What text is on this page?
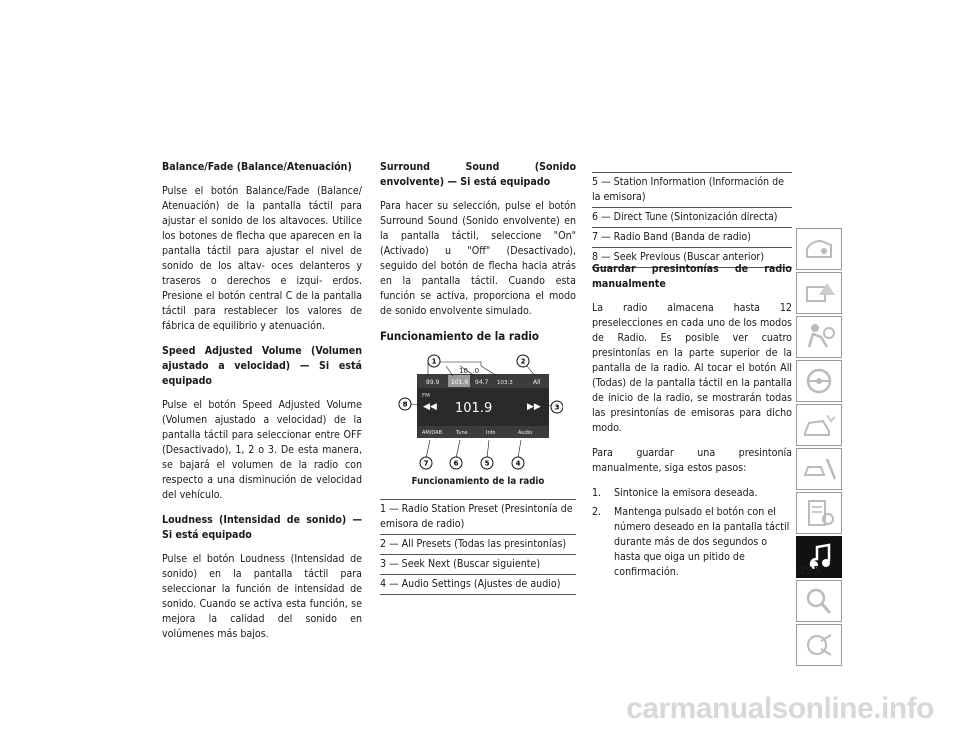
Balance/Fade (Balance/Atenuación)

Pulse el botón Balance/Fade (Balance/ Atenuación) de la pantalla táctil para ajustar el sonido de los altavoces. Utilice los botones de flecha que aparecen en la pantalla táctil para ajustar el nivel de sonido de los altav- oces delanteros y traseros o derechos e izqui- erdos. Presione el botón central C de la pantalla táctil para restablecer los valores de fábrica de equilibrio y atenuación.

Speed Adjusted Volume (Volumen ajustado a velocidad) — Si está equipado

Pulse el botón Speed Adjusted Volume (Volumen ajustado a velocidad) de la pantalla táctil para seleccionar entre OFF (Desactivado), 1, 2 o 3. De esta manera, se bajará el volumen de la radio con respecto a una disminución de velocidad del vehículo.

Loudness (Intensidad de sonido) — Si está equipado

Pulse el botón Loudness (Intensidad de sonido) en la pantalla táctil para seleccionar la función de intensidad de sonido. Cuando se activa esta función, se mejora la calidad del sonido en volúmenes más bajos.

Surround Sound (Sonido envolvente) — Si está equipado

Para hacer su selección, pulse el botón Surround Sound (Sonido envolvente) en la pantalla táctil, seleccione "On" (Activado) u "Off" (Desactivado), seguido del botón de flecha hacia atrás en la pantalla táctil. Cuando esta función se activa, proporciona el modo de sonido envolvente simulado.

Funcionamiento de la radio
89.9 101.9 94.7 103.3	All
10. .0
FM
101.9
◀◀	▶▶
AM/DAB	Tune	Info	Audio
1	2
3
4
5
6
7
8
Funcionamiento de la radio
1 — Radio Station Preset (Presintonía de emisora de radio)
2 — All Presets (Todas las presintonías)
3 — Seek Next (Buscar siguiente)
4 — Audio Settings (Ajustes de audio)
5 — Station Information (Información de la emisora)
6 — Direct Tune (Sintonización directa)
7 — Radio Band (Banda de radio)
8 — Seek Previous (Buscar anterior)
Guardar presintonías de radio manualmente

La radio almacena hasta 12 preselecciones en cada uno de los modos de Radio. Es posible ver cuatro presintonías en la parte superior de la pantalla de la radio. Al tocar el botón All (Todas) de la pantalla táctil en la pantalla de inicio de la radio, se mostrarán todas las presintonías de emisoras para dicho modo.

Para guardar una presintonía manualmente, siga estos pasos:

1. Sintonice la emisora deseada.
2. Mantenga pulsado el botón con el número deseado en la pantalla táctil durante más de dos segundos o hasta que oiga un pitido de confirmación.	295
carmanualsonline.info
